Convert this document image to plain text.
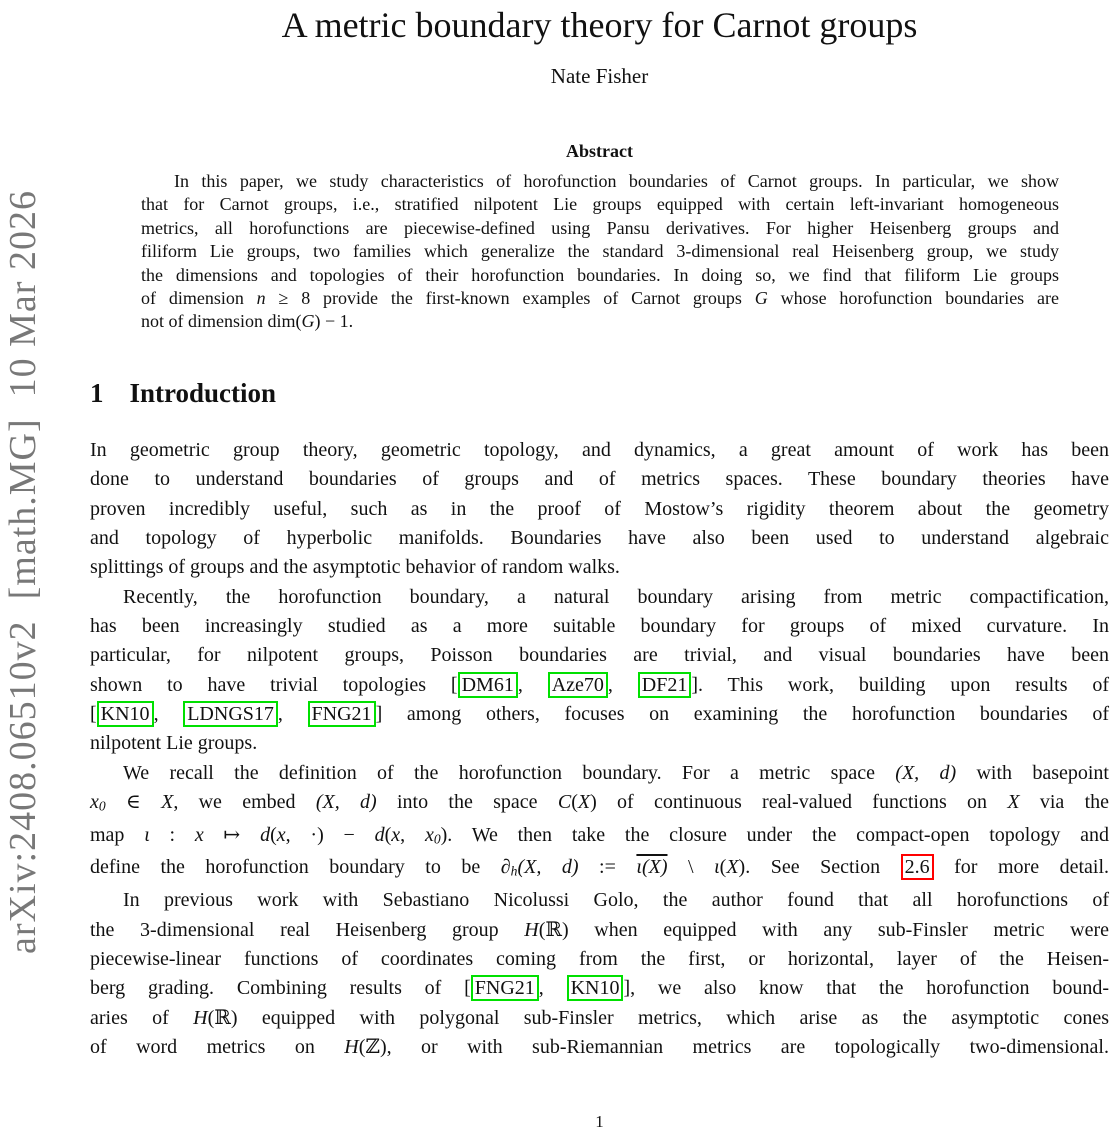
arXiv:2408.06510v2  [math.MG]  10 Mar 2026
A metric boundary theory for Carnot groups
Nate Fisher
Abstract
In this paper, we study characteristics of horofunction boundaries of Carnot groups. In particular, we show
that for Carnot groups, i.e., stratified nilpotent Lie groups equipped with certain left-invariant homogeneous
metrics, all horofunctions are piecewise-defined using Pansu derivatives. For higher Heisenberg groups and
filiform Lie groups, two families which generalize the standard 3-dimensional real Heisenberg group, we study
the dimensions and topologies of their horofunction boundaries. In doing so, we find that filiform Lie groups
of dimension n ≥ 8 provide the first-known examples of Carnot groups G whose horofunction boundaries are
not of dimension dim(G) − 1.
1 Introduction
In geometric group theory, geometric topology, and dynamics, a great amount of work has been
done to understand boundaries of groups and of metrics spaces. These boundary theories have
proven incredibly useful, such as in the proof of Mostow’s rigidity theorem about the geometry
and topology of hyperbolic manifolds. Boundaries have also been used to understand algebraic
splittings of groups and the asymptotic behavior of random walks.
Recently, the horofunction boundary, a natural boundary arising from metric compactification,
has been increasingly studied as a more suitable boundary for groups of mixed curvature. In
particular, for nilpotent groups, Poisson boundaries are trivial, and visual boundaries have been
shown to have trivial topologies [ DM61 , Aze70 , DF21 ]. This work, building upon results of
[ KN10 , LDNGS17 , FNG21 ] among others, focuses on examining the horofunction boundaries of
nilpotent Lie groups.
We recall the definition of the horofunction boundary. For a metric space (X, d) with basepoint
x0 ∈ X, we embed (X, d) into the space C(X) of continuous real-valued functions on X via the
map ι : x ↦ d(x, ·) − d(x, x0). We then take the closure under the compact-open topology and
define the horofunction boundary to be ∂h(X, d) := ι(X) \ ι(X). See Section 2.6 for more detail.
In previous work with Sebastiano Nicolussi Golo, the author found that all horofunctions of
the 3-dimensional real Heisenberg group H(ℝ) when equipped with any sub-Finsler metric were
piecewise-linear functions of coordinates coming from the first, or horizontal, layer of the Heisen-
berg grading. Combining results of [ FNG21 , KN10 ], we also know that the horofunction bound-
aries of H(ℝ) equipped with polygonal sub-Finsler metrics, which arise as the asymptotic cones
of word metrics on H(ℤ), or with sub-Riemannian metrics are topologically two-dimensional.
1
